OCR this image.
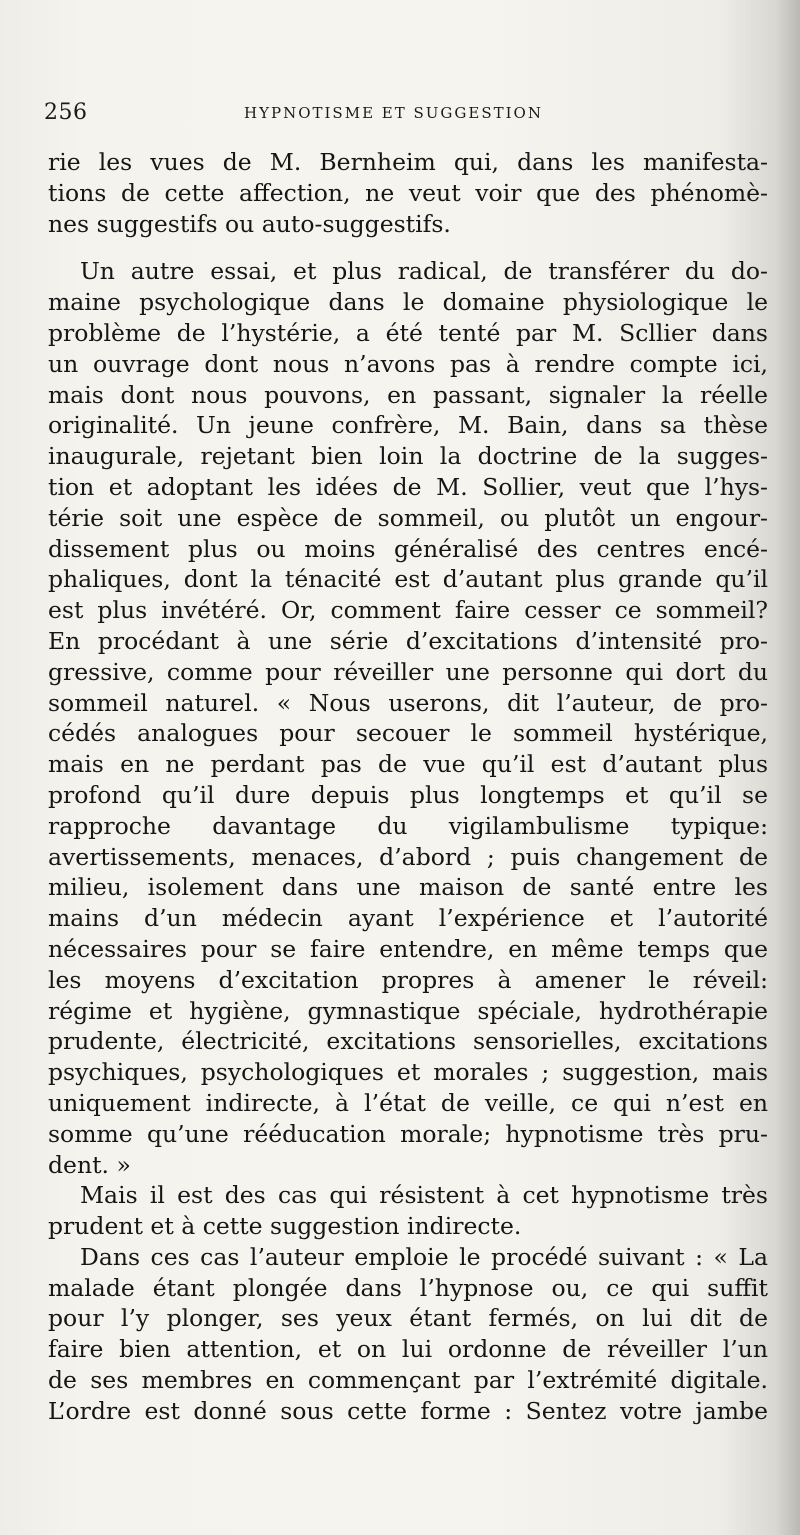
256	HYPNOTISME ET SUGGESTION
rie les vues de M. Bernheim qui, dans les manifesta-
tions de cette affection, ne veut voir que des phénomè-
nes suggestifs ou auto-suggestifs.
Un autre essai, et plus radical, de transférer du do-
maine psychologique dans le domaine physiologique le
problème de l’hystérie, a été tenté par M. Scllier dans
un ouvrage dont nous n’avons pas à rendre compte ici,
mais dont nous pouvons, en passant, signaler la réelle
originalité. Un jeune confrère, M. Bain, dans sa thèse
inaugurale, rejetant bien loin la doctrine de la sugges-
tion et adoptant les idées de M. Sollier, veut que l’hys-
térie soit une espèce de sommeil, ou plutôt un engour-
dissement plus ou moins généralisé des centres encé-
phaliques, dont la ténacité est d’autant plus grande qu’il
est plus invétéré. Or, comment faire cesser ce sommeil?
En procédant à une série d’excitations d’intensité pro-
gressive, comme pour réveiller une personne qui dort du
sommeil naturel. « Nous userons, dit l’auteur, de pro-
cédés analogues pour secouer le sommeil hystérique,
mais en ne perdant pas de vue qu’il est d’autant plus
profond qu’il dure depuis plus longtemps et qu’il se
rapproche davantage du vigilambulisme typique:
avertissements, menaces, d’abord ; puis changement de
milieu, isolement dans une maison de santé entre les
mains d’un médecin ayant l’expérience et l’autorité
nécessaires pour se faire entendre, en même temps que
les moyens d’excitation propres à amener le réveil:
régime et hygiène, gymnastique spéciale, hydrothérapie
prudente, électricité, excitations sensorielles, excitations
psychiques, psychologiques et morales ; suggestion, mais
uniquement indirecte, à l’état de veille, ce qui n’est en
somme qu’une rééducation morale; hypnotisme très pru-
dent. »
Mais il est des cas qui résistent à cet hypnotisme très
prudent et à cette suggestion indirecte.
Dans ces cas l’auteur emploie le procédé suivant : « La
malade étant plongée dans l’hypnose ou, ce qui suffit
pour l’y plonger, ses yeux étant fermés, on lui dit de
faire bien attention, et on lui ordonne de réveiller l’un
de ses membres en commençant par l’extrémité digitale.
L’ordre est donné sous cette forme : Sentez votre jambe
